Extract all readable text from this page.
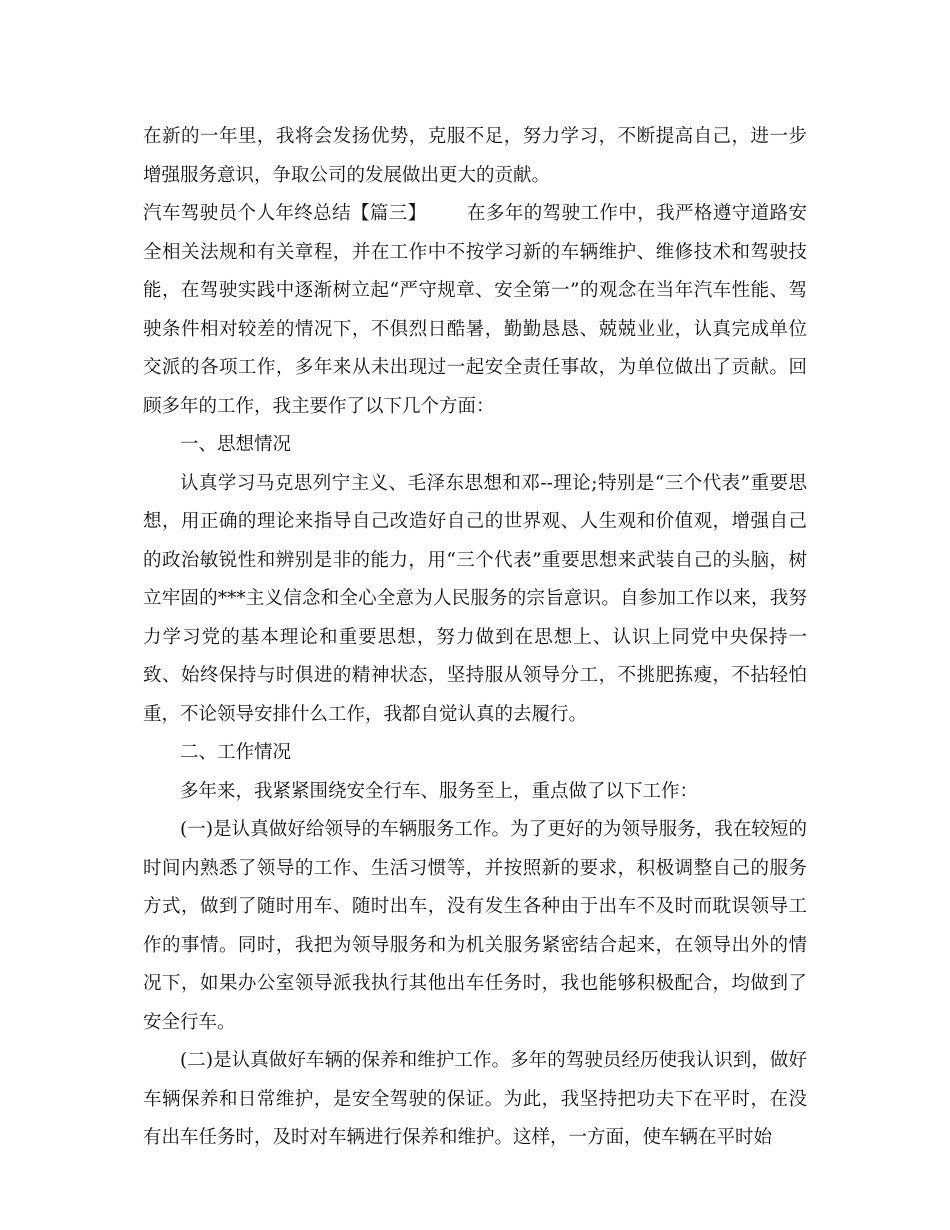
在新的一年里，我将会发扬优势，克服不足，努力学习，不断提高自己，进一步增强服务意识，争取公司的发展做出更大的贡献。

汽车驾驶员个人年终总结【篇三】 在多年的驾驶工作中，我严格遵守道路安全相关法规和有关章程，并在工作中不按学习新的车辆维护、维修技术和驾驶技能，在驾驶实践中逐渐树立起“严守规章、安全第一”的观念在当年汽车性能、驾驶条件相对较差的情况下，不俱烈日酷暑，勤勤恳恳、兢兢业业，认真完成单位交派的各项工作，多年来从未出现过一起安全责任事故，为单位做出了贡献。回顾多年的工作，我主要作了以下几个方面：

一、思想情况

认真学习马克思列宁主义、毛泽东思想和邓--理论;特别是“三个代表”重要思想，用正确的理论来指导自己改造好自己的世界观、人生观和价值观，增强自己的政治敏锐性和辨别是非的能力，用“三个代表”重要思想来武装自己的头脑，树立牢固的***主义信念和全心全意为人民服务的宗旨意识。自参加工作以来，我努力学习党的基本理论和重要思想，努力做到在思想上、认识上同党中央保持一致、始终保持与时俱进的精神状态，坚持服从领导分工，不挑肥拣瘦，不拈轻怕重，不论领导安排什么工作，我都自觉认真的去履行。

二、工作情况

多年来，我紧紧围绕安全行车、服务至上，重点做了以下工作：

(一)是认真做好给领导的车辆服务工作。为了更好的为领导服务，我在较短的时间内熟悉了领导的工作、生活习惯等，并按照新的要求，积极调整自己的服务方式，做到了随时用车、随时出车，没有发生各种由于出车不及时而耽误领导工作的事情。同时，我把为领导服务和为机关服务紧密结合起来，在领导出外的情况下，如果办公室领导派我执行其他出车任务时，我也能够积极配合，均做到了安全行车。

(二)是认真做好车辆的保养和维护工作。多年的驾驶员经历使我认识到，做好车辆保养和日常维护，是安全驾驶的保证。为此，我坚持把功夫下在平时，在没有出车任务时，及时对车辆进行保养和维护。这样，一方面，使车辆在平时始
